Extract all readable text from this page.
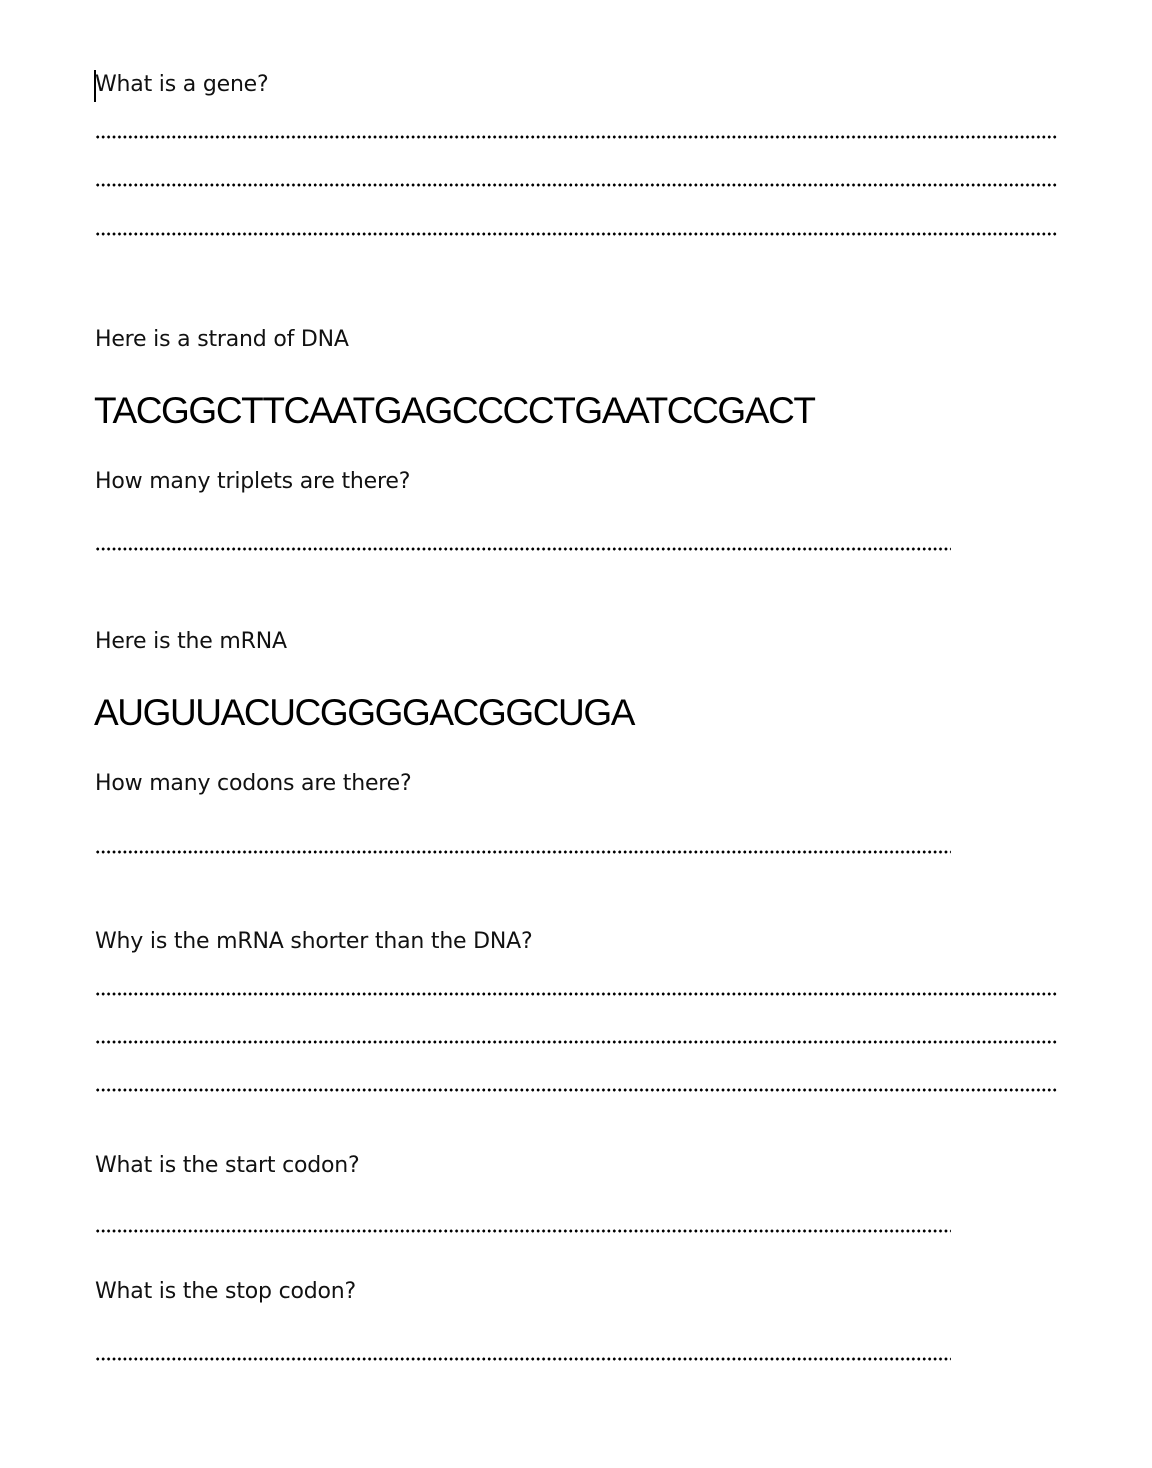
What is a gene?
Here is a strand of DNA
TACGGCTTCAATGAGCCCCTGAATCCGACT
How many triplets are there?
Here is the mRNA
AUGUUACUCGGGGACGGCUGA
How many codons are there?
Why is the mRNA shorter than the DNA?
What is the start codon?
What is the stop codon?
